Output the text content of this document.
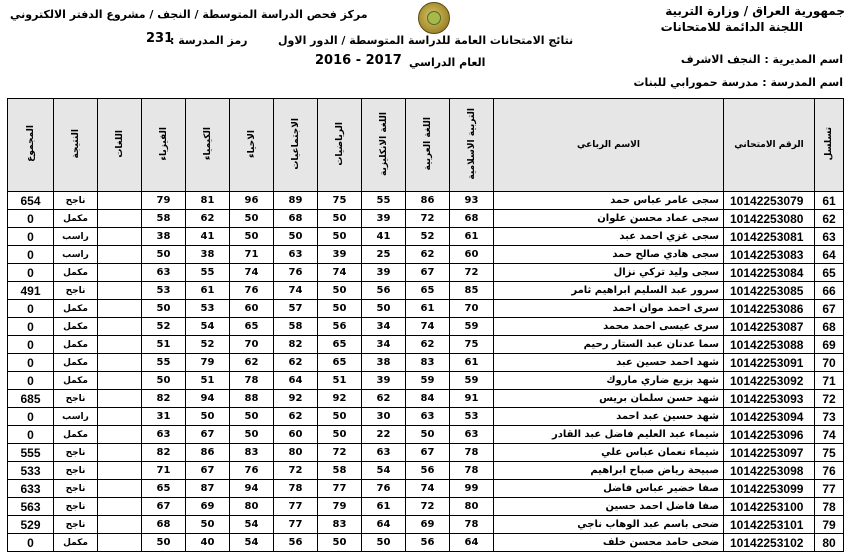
جمهورية العراق / وزارة التربية
اللجنة الدائمة للامتحانات
اسم المديرية : النجف الاشرف
اسم المدرسة : مدرسة حمورابي للبنات
مركز فحص الدراسة المتوسطة / النجف / مشروع الدفتر الالكتروني
نتائج الامتحانات العامة للدراسة المتوسطة / الدور الاول
رمز المدرسة :
231
العام الدراسي
2016 - 2017
تسلسل	الرقم الامتحاني	الاسم الرباعي	التربية الاسلامية	اللغة العربية	اللغة الانكليزية	الرياضيات	الاجتماعيات	الاحياء	الكيمياء	الفيزياء	اللغات	النتيجة	المجموع
61	10142253079	سجى عامر عباس حمد	93	86	55	75	89	96	81	79		ناجح	654
62	10142253080	سجى عماد محسن علوان	68	72	39	50	68	50	62	58		مكمل	0
63	10142253081	سجى غزي احمد عبد	61	52	41	50	50	50	41	38		راسب	0
64	10142253083	سجى هادي صالح حمد	60	62	25	39	63	71	38	50		راسب	0
65	10142253084	سجى وليد تركي نزال	72	67	39	74	76	74	55	63		مكمل	0
66	10142253085	سرور عبد السليم ابراهيم ثامر	85	65	56	50	74	76	61	53		ناجح	491
67	10142253086	سرى احمد موان احمد	70	61	50	50	57	60	53	50		مكمل	0
68	10142253087	سرى عيسى احمد محمد	59	74	34	56	58	65	54	52		مكمل	0
69	10142253088	سما عدنان عبد الستار رحيم	75	62	34	65	82	70	52	51		مكمل	0
70	10142253091	شهد احمد حسين عبد	61	83	38	65	62	62	79	55		مكمل	0
71	10142253092	شهد بزيع ضاري ماروك	59	59	39	51	64	78	51	50		مكمل	0
72	10142253093	شهد حسن سلمان بريس	91	84	62	92	92	88	94	82		ناجح	685
73	10142253094	شهد حسين عبد احمد	53	63	30	50	62	50	50	31		راسب	0
74	10142253096	شيماء عبد العليم فاضل عبد القادر	63	50	22	50	60	50	67	63		مكمل	0
75	10142253097	شيماء نعمان عباس علي	78	67	63	72	80	83	86	82		ناجح	555
76	10142253098	صبيحة رياض صباح ابراهيم	78	56	54	58	72	76	67	71		ناجح	533
77	10142253099	صفا خضير عباس فاضل	99	74	76	77	78	94	87	65		ناجح	633
78	10142253100	صفا فاضل احمد حسين	80	72	61	79	77	80	69	67		ناجح	563
79	10142253101	ضحى باسم عبد الوهاب ناجي	78	69	64	83	77	54	50	68		ناجح	529
80	10142253102	ضحى حامد محسن خلف	64	56	50	50	56	54	40	50		مكمل	0
